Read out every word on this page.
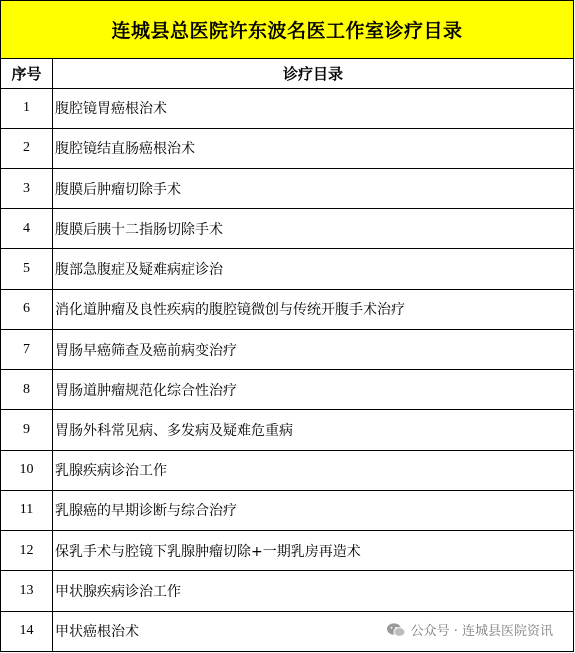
连城县总医院许东波名医工作室诊疗目录	
序号	诊疗目录
1	腹腔镜胃癌根治术
2	腹腔镜结直肠癌根治术
3	腹膜后肿瘤切除手术
4	腹膜后胰十二指肠切除手术
5	腹部急腹症及疑难病症诊治
6	消化道肿瘤及良性疾病的腹腔镜微创与传统开腹手术治疗
7	胃肠早癌筛查及癌前病变治疗
8	胃肠道肿瘤规范化综合性治疗
9	胃肠外科常见病、多发病及疑难危重病
10	乳腺疾病诊治工作
11	乳腺癌的早期诊断与综合治疗
12	保乳手术与腔镜下乳腺肿瘤切除+一期乳房再造术
13	甲状腺疾病诊治工作
14	甲状癌根治术	公众号 · 连城县医院资讯
